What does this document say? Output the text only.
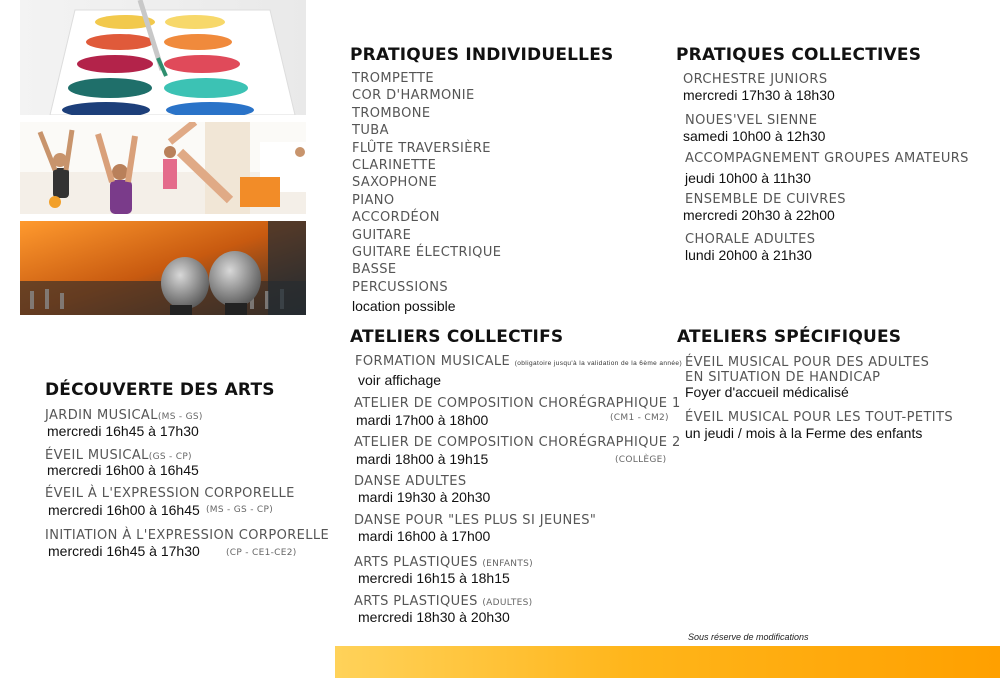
PRATIQUES INDIVIDUELLES
TROMPETTE
COR D'HARMONIE
TROMBONE
TUBA
FLÛTE TRAVERSIÈRE
CLARINETTE
SAXOPHONE
PIANO
ACCORDÉON
GUITARE
GUITARE ÉLECTRIQUE
BASSE
PERCUSSIONS
location possible
PRATIQUES COLLECTIVES
ORCHESTRE JUNIORS
mercredi 17h30 à 18h30
NOUES'VEL SIENNE
samedi 10h00 à 12h30
ACCOMPAGNEMENT GROUPES AMATEURS
jeudi 10h00 à 11h30
ENSEMBLE DE CUIVRES
mercredi 20h30 à 22h00
CHORALE ADULTES
lundi 20h00 à 21h30
DÉCOUVERTE DES ARTS
JARDIN MUSICAL(MS - GS)
mercredi 16h45 à 17h30
ÉVEIL MUSICAL(GS - CP)
mercredi 16h00 à 16h45
ÉVEIL À L'EXPRESSION CORPORELLE
mercredi 16h00 à 16h45 (MS - GS - CP)
INITIATION À L'EXPRESSION CORPORELLE
mercredi 16h45 à 17h30	(CP - CE1-CE2)
ATELIERS COLLECTIFS
FORMATION MUSICALE (obligatoire jusqu'à la validation de la 6ème année)
voir affichage
ATELIER DE COMPOSITION CHORÉGRAPHIQUE 1
mardi 17h00 à 18h00	(CM1 - CM2)
ATELIER DE COMPOSITION CHORÉGRAPHIQUE 2
mardi 18h00 à 19h15	(COLLÈGE)
DANSE ADULTES
mardi 19h30 à 20h30
DANSE POUR "LES PLUS SI JEUNES"
mardi 16h00 à 17h00
ARTS PLASTIQUES (ENFANTS)
mercredi 16h15 à 18h15
ARTS PLASTIQUES (ADULTES)
mercredi 18h30 à 20h30
ATELIERS SPÉCIFIQUES
ÉVEIL MUSICAL POUR DES ADULTES
EN SITUATION DE HANDICAP
Foyer d'accueil médicalisé
ÉVEIL MUSICAL POUR LES TOUT-PETITS
un jeudi / mois à la Ferme des enfants
Sous réserve de modifications
